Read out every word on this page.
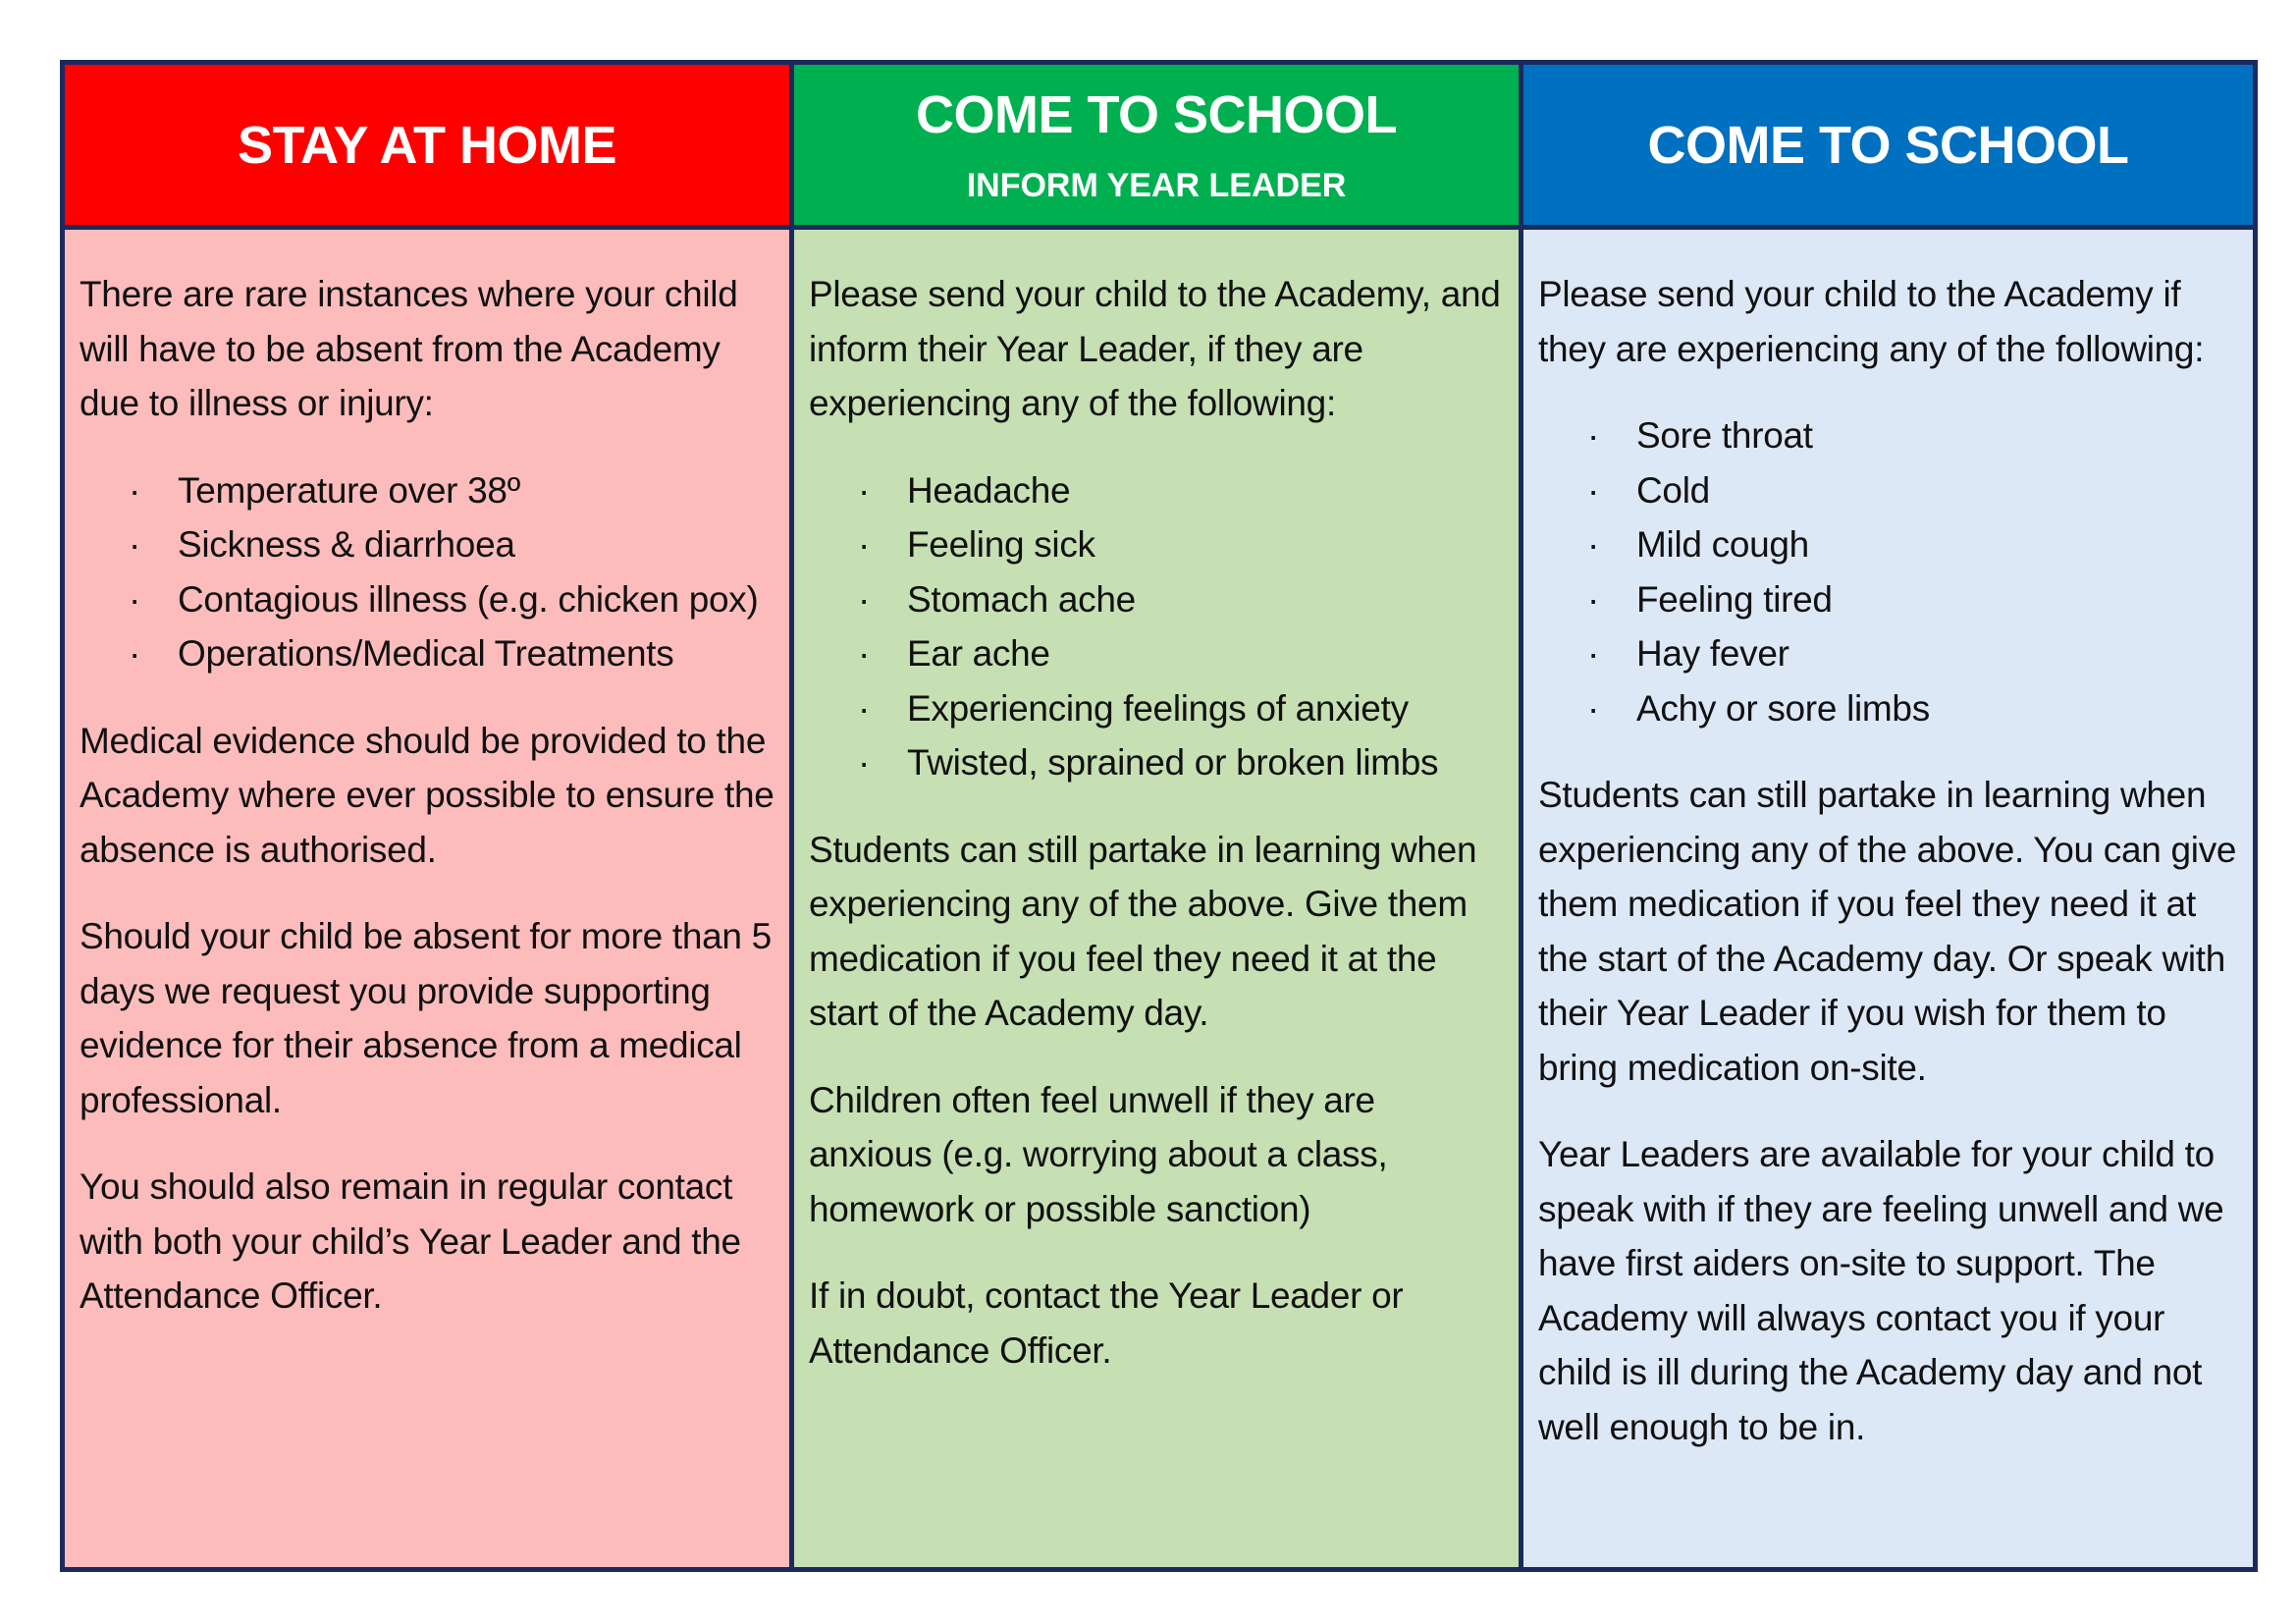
STAY AT HOME
COME TO SCHOOL
INFORM YEAR LEADER
COME TO SCHOOL

There are rare instances where your child will have to be absent from the Academy due to illness or injury:

· Temperature over 38º
· Sickness & diarrhoea
· Contagious illness (e.g. chicken pox)
· Operations/Medical Treatments

Medical evidence should be provided to the Academy where ever possible to ensure the absence is authorised.

Should your child be absent for more than 5 days we request you provide supporting evidence for their absence from a medical professional.

You should also remain in regular contact with both your child’s Year Leader and the Attendance Officer.

Please send your child to the Academy, and inform their Year Leader, if they are experiencing any of the following:

· Headache
· Feeling sick
· Stomach ache
· Ear ache
· Experiencing feelings of anxiety
· Twisted, sprained or broken limbs

Students can still partake in learning when experiencing any of the above. Give them medication if you feel they need it at the start of the Academy day.

Children often feel unwell if they are anxious (e.g. worrying about a class, homework or possible sanction)

If in doubt, contact the Year Leader or Attendance Officer.

Please send your child to the Academy if they are experiencing any of the following:

· Sore throat
· Cold
· Mild cough
· Feeling tired
· Hay fever
· Achy or sore limbs

Students can still partake in learning when experiencing any of the above. You can give them medication if you feel they need it at the start of the Academy day. Or speak with their Year Leader if you wish for them to bring medication on-site.

Year Leaders are available for your child to speak with if they are feeling unwell and we have first aiders on-site to support. The Academy will always contact you if your child is ill during the Academy day and not well enough to be in.
